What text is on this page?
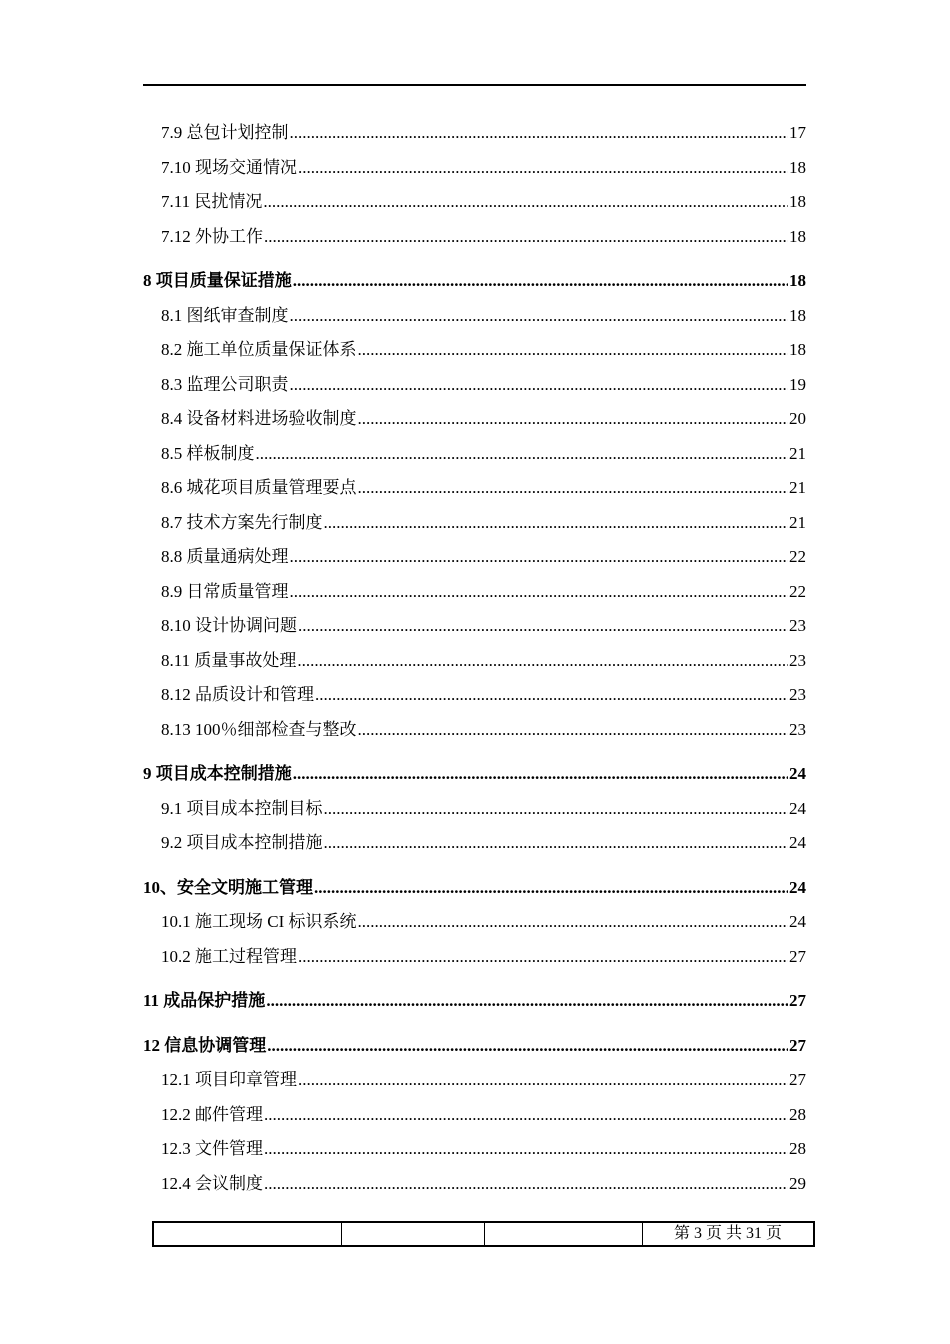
7.9 总包计划控制 .....	17
7.10 现场交通情况 .....	18
7.11 民扰情况 .....	18
7.12 外协工作 .....	18
8 项目质量保证措施 .....	18
8.1 图纸审查制度 .....	18
8.2 施工单位质量保证体系 .....	18
8.3 监理公司职责 .....	19
8.4 设备材料进场验收制度 .....	20
8.5 样板制度 .....	21
8.6 城花项目质量管理要点 .....	21
8.7 技术方案先行制度 .....	21
8.8 质量通病处理 .....	22
8.9 日常质量管理 .....	22
8.10 设计协调问题 .....	23
8.11 质量事故处理 .....	23
8.12 品质设计和管理 .....	23
8.13 100％细部检查与整改 .....	23
9 项目成本控制措施 .....	24
9.1 项目成本控制目标 .....	24
9.2 项目成本控制措施 .....	24
10、安全文明施工管理 .....	24
10.1 施工现场 CI 标识系统 .....	24
10.2 施工过程管理 .....	27
11 成品保护措施 .....	27
12 信息协调管理 .....	27
12.1 项目印章管理 .....	27
12.2 邮件管理 .....	28
12.3 文件管理 .....	28
12.4 会议制度 .....	29
第 3 页 共 31 页
